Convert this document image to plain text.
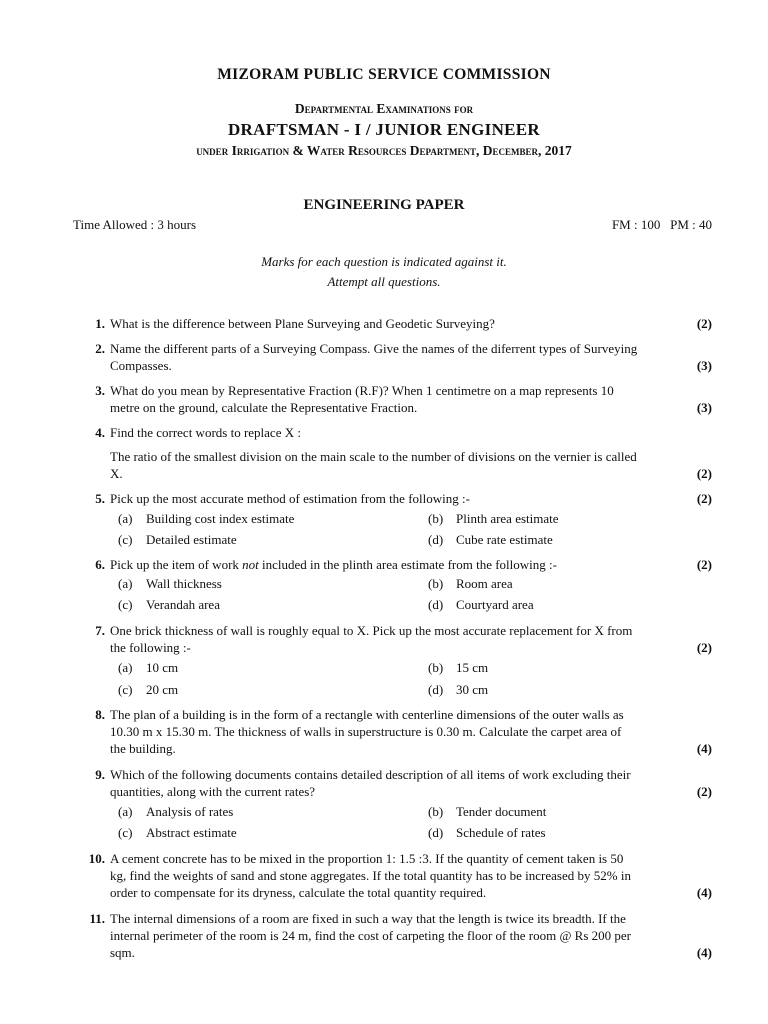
MIZORAM PUBLIC SERVICE COMMISSION
Departmental Examinations for
DRAFTSMAN - I / JUNIOR ENGINEER
under Irrigation & Water Resources Department, December, 2017
ENGINEERING PAPER
Time Allowed : 3 hours	FM : 100   PM : 40
Marks for each question is indicated against it.
Attempt all questions.
1. What is the difference between Plane Surveying and Geodetic Surveying?	(2)
2. Name the different parts of a Surveying Compass. Give the names of the diferrent types of Surveying
Compasses.	(3)
3. What do you mean by Representative Fraction (R.F)? When 1 centimetre on a map represents 10
metre on the ground, calculate the Representative Fraction.	(3)
4. Find the correct words to replace X :
The ratio of the smallest division on the main scale to the number of divisions on the vernier is called
X.	(2)
5. Pick up the most accurate method of estimation from the following :-	(2)
(a) Building cost index estimate	(b) Plinth area estimate
(c) Detailed estimate	(d) Cube rate estimate
6. Pick up the item of work not included in the plinth area estimate from the following :-	(2)
(a) Wall thickness	(b) Room area
(c) Verandah area	(d) Courtyard area
7. One brick thickness of wall is roughly equal to X. Pick up the most accurate replacement for X from
the following :-	(2)
(a) 10 cm	(b) 15 cm
(c) 20 cm	(d) 30 cm
8. The plan of a building is in the form of a rectangle with centerline dimensions of the outer walls as
10.30 m x 15.30 m. The thickness of walls in superstructure is 0.30 m. Calculate the carpet area of
the building.	(4)
9. Which of the following documents contains detailed description of all items of work excluding their
quantities, along with the current rates?	(2)
(a) Analysis of rates	(b) Tender document
(c) Abstract estimate	(d) Schedule of rates
10. A cement concrete has to be mixed in the proportion 1: 1.5 :3. If the quantity of cement taken is 50
kg, find the weights of sand and stone aggregates. If the total quantity has to be increased by 52% in
order to compensate for its dryness, calculate the total quantity required.	(4)
11. The internal dimensions of a room are fixed in such a way that the length is twice its breadth. If the
internal perimeter of the room is 24 m, find the cost of carpeting the floor of the room @ Rs 200 per
sqm.	(4)
